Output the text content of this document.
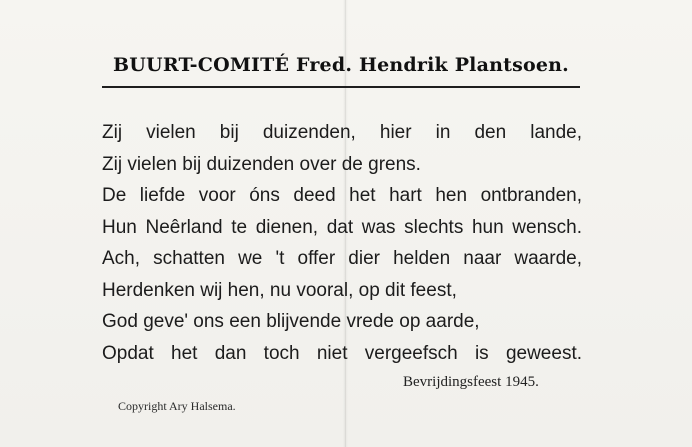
BUURT-COMITÉ Fred. Hendrik Plantsoen.
Zij vielen bij duizenden, hier in den lande,
Zij vielen bij duizenden over de grens.
De liefde voor óns deed het hart hen ontbranden,
Hun Neêrland te dienen, dat was slechts hun wensch.
Ach, schatten we 't offer dier helden naar waarde,
Herdenken wij hen, nu vooral, op dit feest,
God geve' ons een blijvende vrede op aarde,
Opdat het dan toch niet vergeefsch is geweest.
Bevrijdingsfeest 1945.
Copyright Ary Halsema.
